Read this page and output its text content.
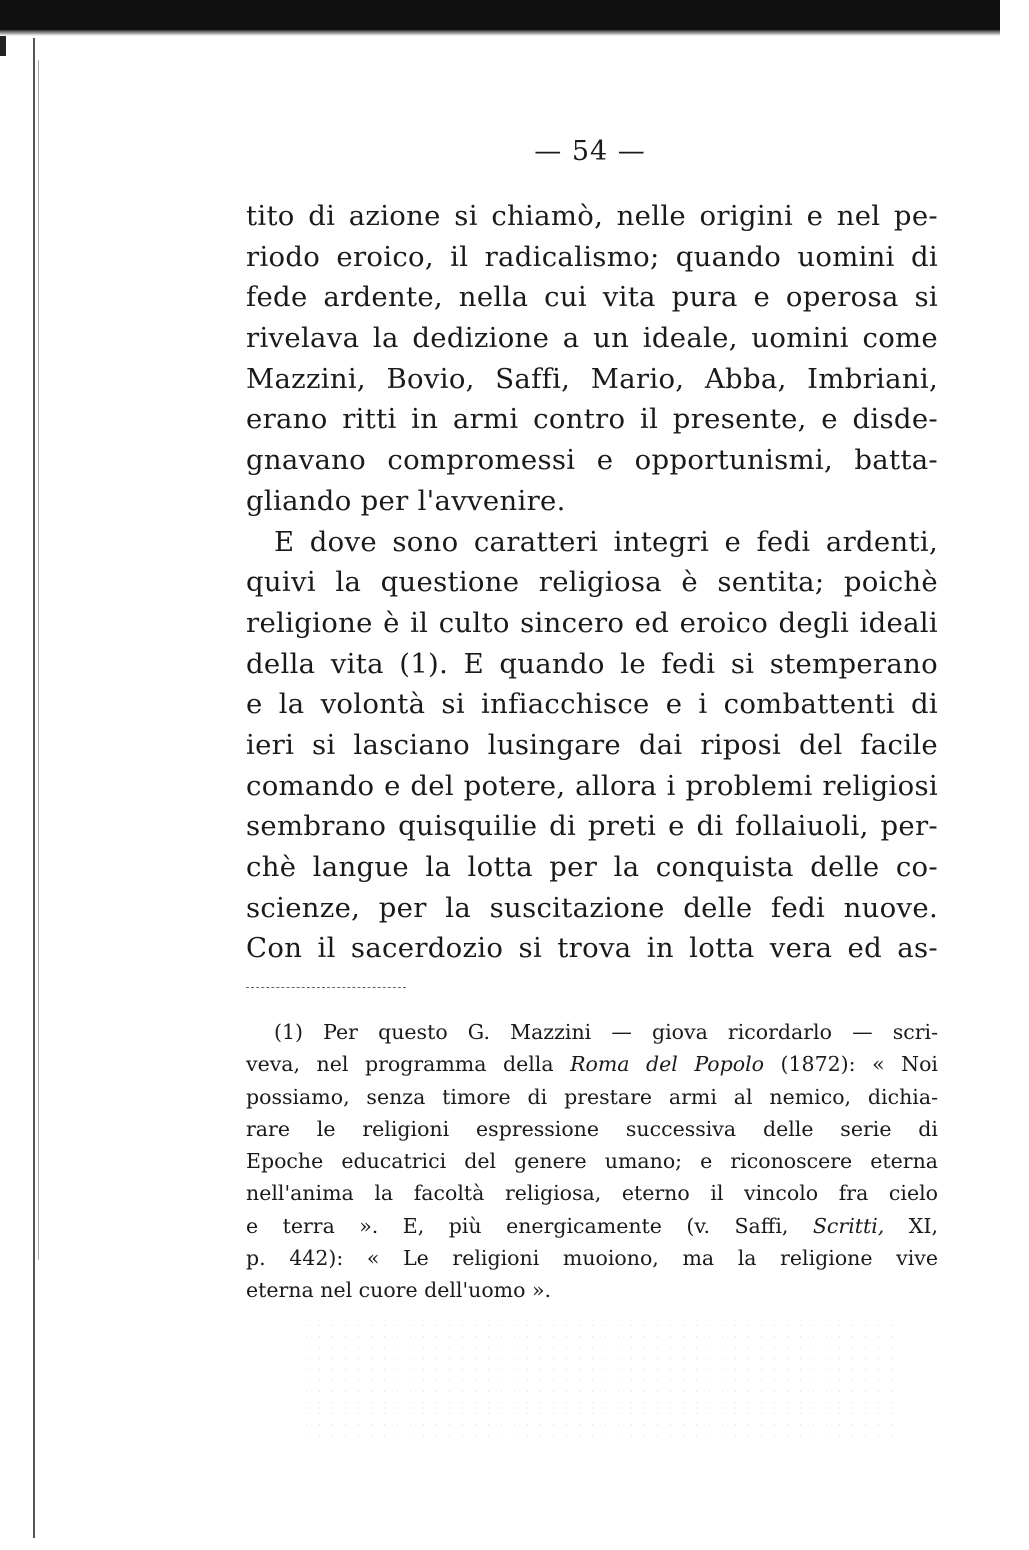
— 54 —
tito di azione si chiamò, nelle origini e nel pe-
riodo eroico, il radicalismo; quando uomini di
fede ardente, nella cui vita pura e operosa si
rivelava la dedizione a un ideale, uomini come
Mazzini, Bovio, Saffi, Mario, Abba, Imbriani,
erano ritti in armi contro il presente, e disde-
gnavano compromessi e opportunismi, batta-
gliando per l'avvenire.
E dove sono caratteri integri e fedi ardenti,
quivi la questione religiosa è sentita; poichè
religione è il culto sincero ed eroico degli ideali
della vita (1). E quando le fedi si stemperano
e la volontà si infiacchisce e i combattenti di
ieri si lasciano lusingare dai riposi del facile
comando e del potere, allora i problemi religiosi
sembrano quisquilie di preti e di follaiuoli, per-
chè langue la lotta per la conquista delle co-
scienze, per la suscitazione delle fedi nuove.
Con il sacerdozio si trova in lotta vera ed as-
(1) Per questo G. Mazzini — giova ricordarlo — scri-
veva, nel programma della Roma del Popolo (1872): « Noi
possiamo, senza timore di prestare armi al nemico, dichia-
rare le religioni espressione successiva delle serie di
Epoche educatrici del genere umano; e riconoscere eterna
nell'anima la facoltà religiosa, eterno il vincolo fra cielo
e terra ». E, più energicamente (v. Saffi, Scritti, XI,
p. 442): « Le religioni muoiono, ma la religione vive
eterna nel cuore dell'uomo ».
